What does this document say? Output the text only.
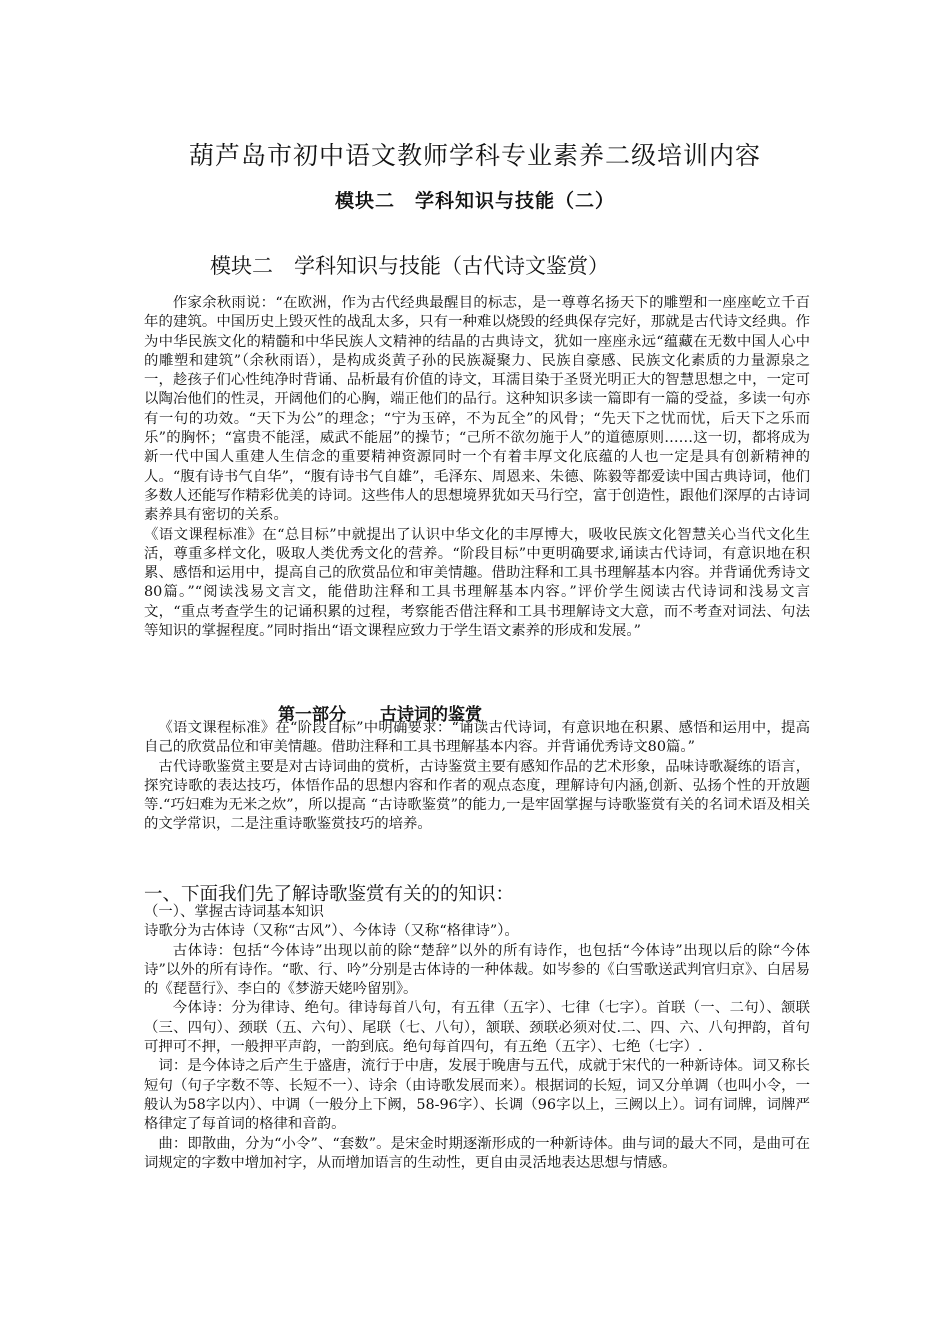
葫芦岛市初中语文教师学科专业素养二级培训内容
模块二　学科知识与技能（二）
模块二　学科知识与技能（古代诗文鉴赏）

作家余秋雨说：“在欧洲，作为古代经典最醒目的标志，是一尊尊名扬天下的雕塑和一座座屹立千百年的建筑。中国历史上毁灭性的战乱太多，只有一种难以烧毁的经典保存完好，那就是古代诗文经典。作为中华民族文化的精髓和中华民族人文精神的结晶的古典诗文，犹如一座座永远“蕴藏在无数中国人心中的雕塑和建筑”（余秋雨语），是构成炎黄子孙的民族凝聚力、民族自豪感、民族文化素质的力量源泉之一，趁孩子们心性纯净时背诵、品析最有价值的诗文，耳濡目染于圣贤光明正大的智慧思想之中，一定可以陶冶他们的性灵，开阔他们的心胸，端正他们的品行。这种知识多读一篇即有一篇的受益，多读一句亦有一句的功效。“天下为公”的理念；“宁为玉碎，不为瓦全”的风骨；“先天下之忧而忧，后天下之乐而乐”的胸怀；“富贵不能淫，威武不能屈”的操节；“己所不欲勿施于人”的道德原则……这一切，都将成为新一代中国人重建人生信念的重要精神资源同时一个有着丰厚文化底蕴的人也一定是具有创新精神的人。“腹有诗书气自华”，“腹有诗书气自雄”，毛泽东、周恩来、朱德、陈毅等都爱读中国古典诗词，他们多数人还能写作精彩优美的诗词。这些伟人的思想境界犹如天马行空，富于创造性，跟他们深厚的古诗词素养具有密切的关系。

《语文课程标准》在“总目标”中就提出了认识中华文化的丰厚博大，吸收民族文化智慧关心当代文化生活，尊重多样文化，吸取人类优秀文化的营养。“阶段目标”中更明确要求,诵读古代诗词，有意识地在积累、感悟和运用中，提高自己的欣赏品位和审美情趣。借助注释和工具书理解基本内容。并背诵优秀诗文80篇。”“阅读浅易文言文，能借助注释和工具书理解基本内容。”评价学生阅读古代诗词和浅易文言文，“重点考查学生的记诵积累的过程，考察能否借注释和工具书理解诗文大意，而不考查对词法、句法等知识的掌握程度。”同时指出“语文课程应致力于学生语文素养的形成和发展。”

第一部分　　古诗词的鉴赏

《语文课程标准》在“阶段目标”中明确要求：“诵读古代诗词，有意识地在积累、感悟和运用中，提高自己的欣赏品位和审美情趣。借助注释和工具书理解基本内容。并背诵优秀诗文80篇。”

古代诗歌鉴赏主要是对古诗词曲的赏析，古诗鉴赏主要有感知作品的艺术形象，品味诗歌凝练的语言，探究诗歌的表达技巧，体悟作品的思想内容和作者的观点态度，理解诗句内涵,创新、弘扬个性的开放题等.“巧妇难为无米之炊”，所以提高 “古诗歌鉴赏”的能力,一是牢固掌握与诗歌鉴赏有关的名词术语及相关的文学常识，二是注重诗歌鉴赏技巧的培养。

一、下面我们先了解诗歌鉴赏有关的的知识：

（一）、掌握古诗词基本知识

诗歌分为古体诗（又称“古风”）、今体诗（又称“格律诗”）。

古体诗：包括“今体诗”出现以前的除“楚辞”以外的所有诗作，也包括“今体诗”出现以后的除“今体诗”以外的所有诗作。“歌、行、吟”分别是古体诗的一种体裁。如岑参的《白雪歌送武判官归京》、白居易的《琵琶行》、李白的《梦游天姥吟留别》。

今体诗：分为律诗、绝句。律诗每首八句，有五律（五字）、七律（七字）。首联（一、二句）、颔联（三、四句）、颈联（五、六句）、尾联（七、八句），颔联、颈联必须对仗.二、四、六、八句押韵，首句可押可不押，一般押平声韵，一韵到底。绝句每首四句，有五绝（五字）、七绝（七字）.

词：是今体诗之后产生于盛唐，流行于中唐，发展于晚唐与五代，成就于宋代的一种新诗体。词又称长短句（句子字数不等、长短不一）、诗余（由诗歌发展而来）。根据词的长短，词又分单调（也叫小令，一般认为58字以内）、中调（一般分上下阙，58-96字）、长调（96字以上，三阙以上）。词有词牌，词牌严格律定了每首词的格律和音韵。

曲：即散曲，分为“小令”、“套数”。是宋金时期逐渐形成的一种新诗体。曲与词的最大不同，是曲可在词规定的字数中增加衬字，从而增加语言的生动性，更自由灵活地表达思想与情感。
